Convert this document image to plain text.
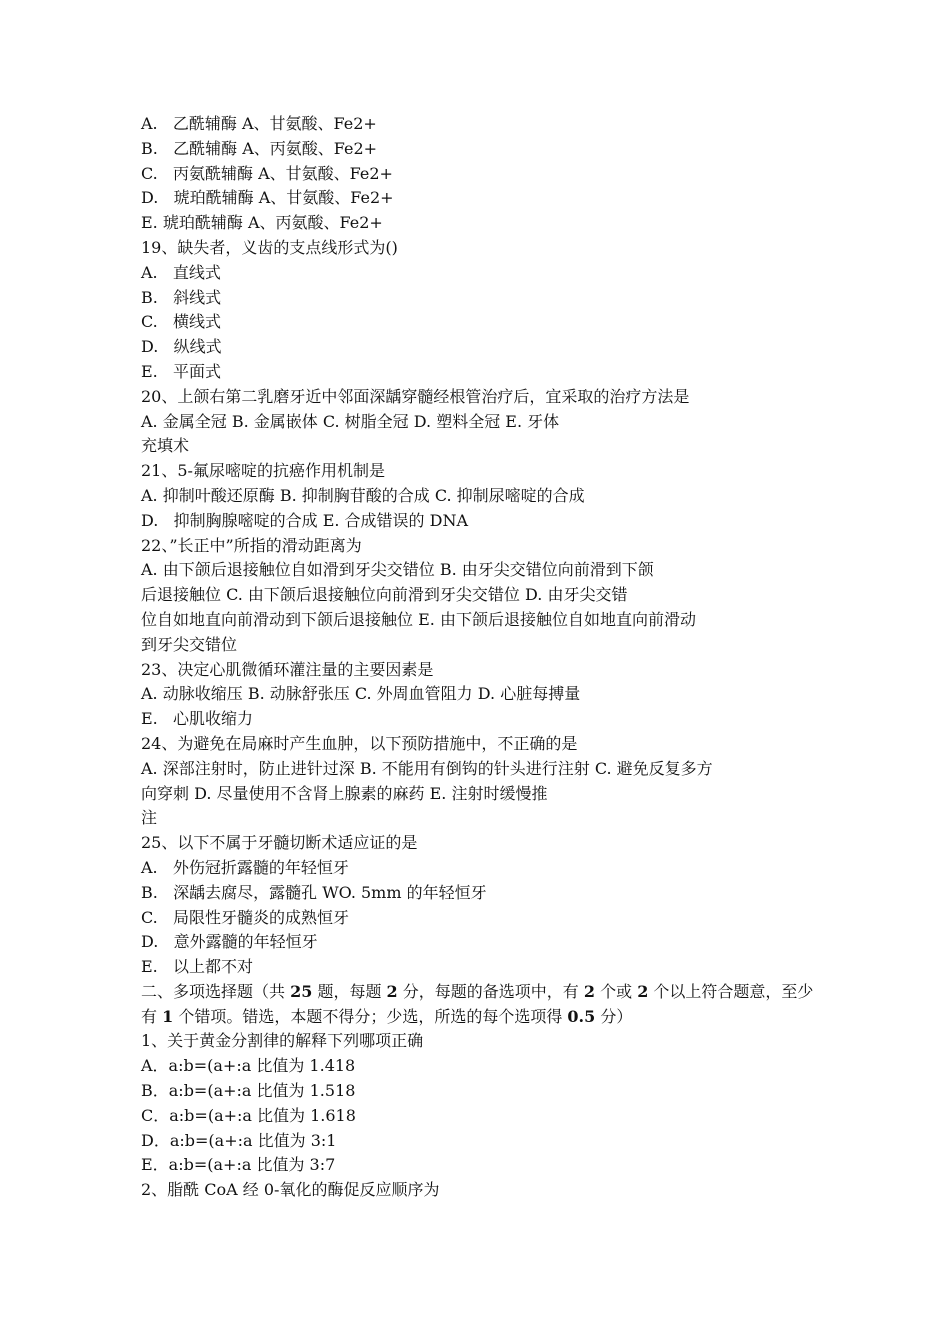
A.   乙酰辅酶 A、甘氨酸、Fe2+
B.   乙酰辅酶 A、丙氨酸、Fe2+
C.   丙氨酰辅酶 A、甘氨酸、Fe2+
D.   琥珀酰辅酶 A、甘氨酸、Fe2+
E. 琥珀酰辅酶 A、丙氨酸、Fe2+
19、缺失者，义齿的支点线形式为()
A.   直线式
B.   斜线式
C.   横线式
D.   纵线式
E.   平面式
20、上颌右第二乳磨牙近中邻面深龋穿髓经根管治疗后，宜采取的治疗方法是
A. 金属全冠 B. 金属嵌体 C. 树脂全冠 D. 塑料全冠 E. 牙体
充填术
21、5-氟尿嘧啶的抗癌作用机制是
A. 抑制叶酸还原酶 B. 抑制胸苷酸的合成 C. 抑制尿嘧啶的合成
D.   抑制胸腺嘧啶的合成 E. 合成错误的 DNA
22、”长正中”所指的滑动距离为
A. 由下颌后退接触位自如滑到牙尖交错位 B. 由牙尖交错位向前滑到下颌
后退接触位 C. 由下颌后退接触位向前滑到牙尖交错位 D. 由牙尖交错
位自如地直向前滑动到下颌后退接触位 E. 由下颌后退接触位自如地直向前滑动
到牙尖交错位
23、决定心肌微循环灌注量的主要因素是
A. 动脉收缩压 B. 动脉舒张压 C. 外周血管阻力 D. 心脏每搏量
E.   心肌收缩力
24、为避免在局麻时产生血肿，以下预防措施中，不正确的是
A. 深部注射时，防止进针过深 B. 不能用有倒钩的针头进行注射 C. 避免反复多方
向穿刺 D. 尽量使用不含肾上腺素的麻药 E. 注射时缓慢推
注
25、以下不属于牙髓切断术适应证的是
A.   外伤冠折露髓的年轻恒牙
B.   深龋去腐尽，露髓孔 WO. 5mm 的年轻恒牙
C.   局限性牙髓炎的成熟恒牙
D.   意外露髓的年轻恒牙
E.   以上都不对
二、多项选择题（共 25 题，每题 2 分，每题的备选项中，有 2 个或 2 个以上符合题意，至少有 1 个错项。错选，本题不得分；少选，所选的每个选项得 0.5 分）
1、关于黄金分割律的解释下列哪项正确
A．a:b=(a+:a 比值为 1.418
B．a:b=(a+:a 比值为 1.518
C．a:b=(a+:a 比值为 1.618
D．a:b=(a+:a 比值为 3:1
E．a:b=(a+:a 比值为 3:7
2、脂酰 CoA 经 0-氧化的酶促反应顺序为
